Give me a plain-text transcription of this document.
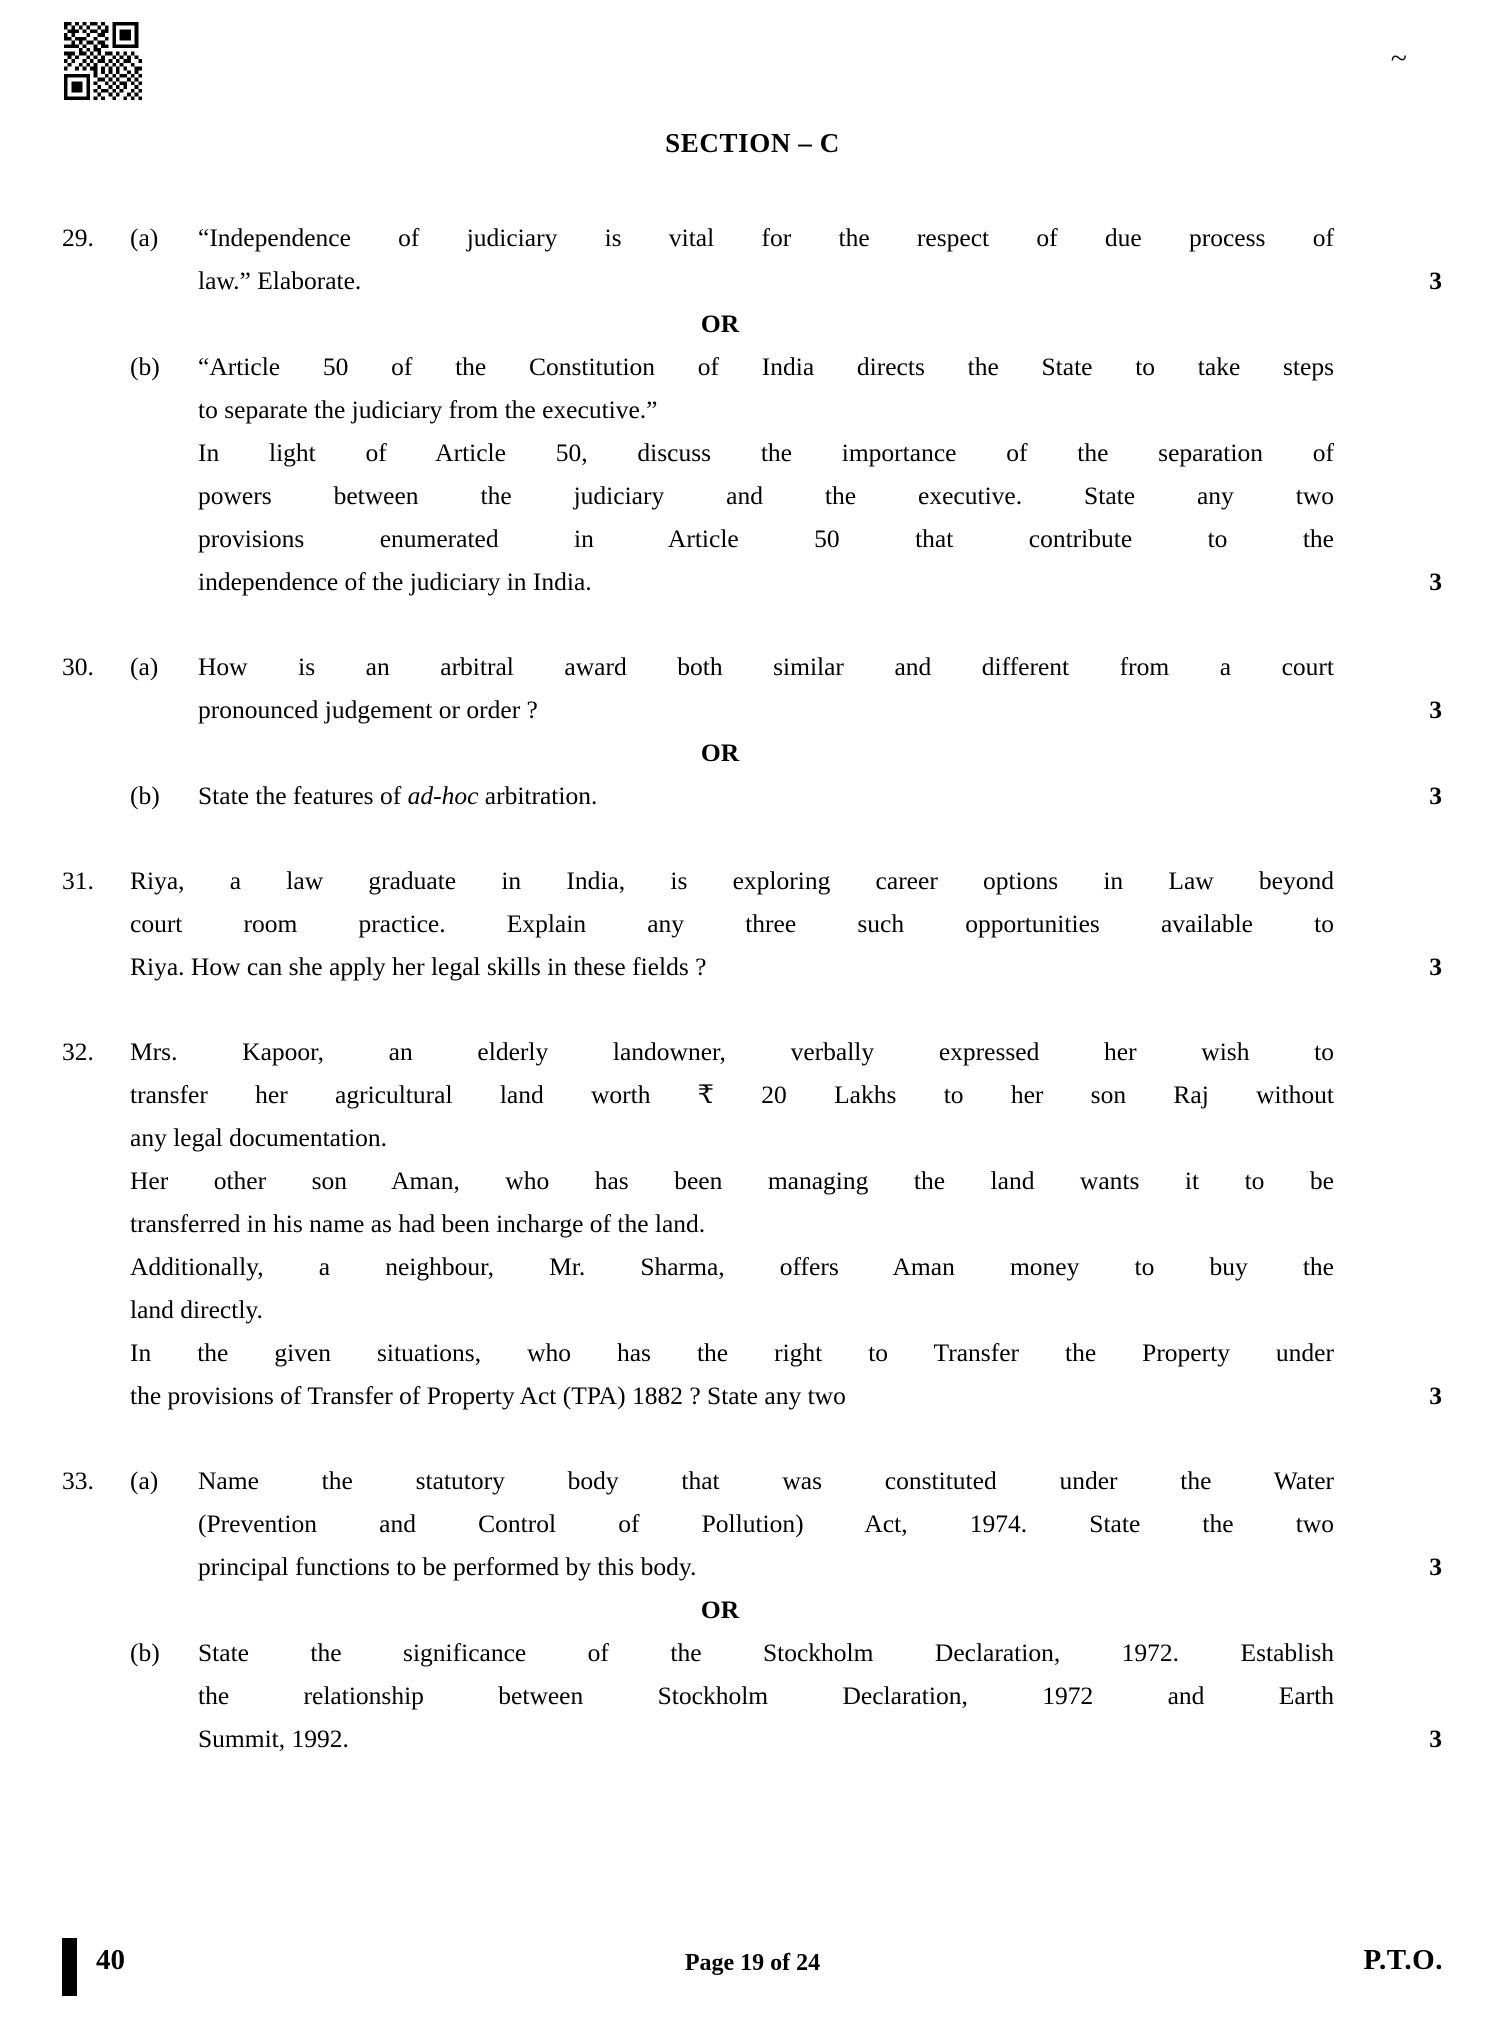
~
SECTION – C
29.	(a)	“Independence of judiciary is vital for the respect of due process of

law.” Elaborate.	3
OR
(b)	“Article 50 of the Constitution of India directs the State to take steps

to separate the judiciary from the executive.”

In light of Article 50, discuss the importance of the separation of

powers between the judiciary and the executive. State any two

provisions enumerated in Article 50 that contribute to the

independence of the judiciary in India.	3
30.	(a)	How is an arbitral award both similar and different from a court

pronounced judgement or order ?	3
OR
(b)	State the features of ad-hoc arbitration.	3
31.	Riya, a law graduate in India, is exploring career options in Law beyond

court room practice. Explain any three such opportunities available to

Riya. How can she apply her legal skills in these fields ?	3
32.	Mrs. Kapoor, an elderly landowner, verbally expressed her wish to

transfer her agricultural land worth ₹ 20 Lakhs to her son Raj without

any legal documentation.

Her other son Aman, who has been managing the land wants it to be

transferred in his name as had been incharge of the land.

Additionally, a neighbour, Mr. Sharma, offers Aman money to buy the

land directly.

In the given situations, who has the right to Transfer the Property under

the provisions of Transfer of Property Act (TPA) 1882 ? State any two	3
33.	(a)	Name the statutory body that was constituted under the Water

(Prevention and Control of Pollution) Act, 1974. State the two

principal functions to be performed by this body.	3
OR
(b)	State the significance of the Stockholm Declaration, 1972. Establish

the relationship between Stockholm Declaration, 1972 and Earth

Summit, 1992.	3
40	Page 19 of 24	P.T.O.
